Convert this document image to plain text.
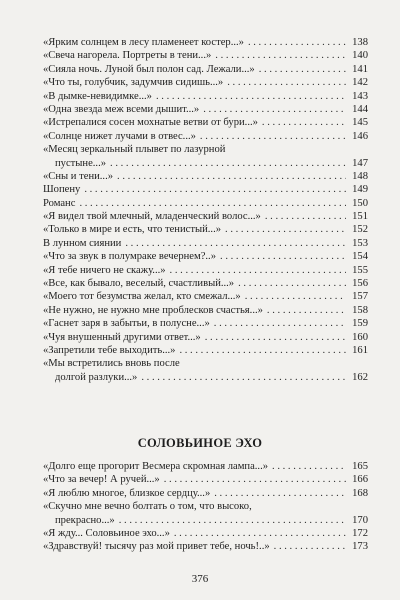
«Ярким солнцем в лесу пламенеет костер...» . . .	138
«Свеча нагорела. Портреты в тени...» . . .	140
«Сияла ночь. Луной был полон сад. Лежали...» . . .	141
«Что ты, голубчик, задумчив сидишь...» . . .	142
«В дымке-невидимке...» . . .	143
«Одна звезда меж всеми дышит...» . . .	144
«Истрепалися сосен мохнатые ветви от бури...» . . .	145
«Солнце нижет лучами в отвес...» . . .	146
«Месяц зеркальный плывет по лазурной
пустыне...» . . .	147
«Сны и тени...» . . .	148
Шопену . . .	149
Романс . . .	150
«Я видел твой млечный, младенческий волос...» . . .	151
«Только в мире и есть, что тенистый...» . . .	152
В лунном сиянии . . .	153
«Что за звук в полумраке вечернем?..» . . .	154
«Я тебе ничего не скажу...» . . .	155
«Все, как бывало, веселый, счастливый...» . . .	156
«Моего тот безумства желал, кто смежал...» . . .	157
«Не нужно, не нужно мне проблесков счастья...» . . .	158
«Гаснет заря в забытьи, в полусне...» . . .	159
«Чуя внушенный другими ответ...» . . .	160
«Запретили тебе выходить...» . . .	161
«Мы встретились вновь после
долгой разлуки...» . . .	162
СОЛОВЬИНОЕ ЭХО
«Долго еще прогорит Весмера скромная лампа...» . . .	165
«Что за вечер! А ручей...» . . .	166
«Я люблю многое, близкое сердцу...» . . .	168
«Скучно мне вечно болтать о том, что высоко,
прекрасно...» . . .	170
«Я жду... Соловьиное эхо...» . . .	172
«Здравствуй! тысячу раз мой привет тебе, ночь!..» . . .	173
376
